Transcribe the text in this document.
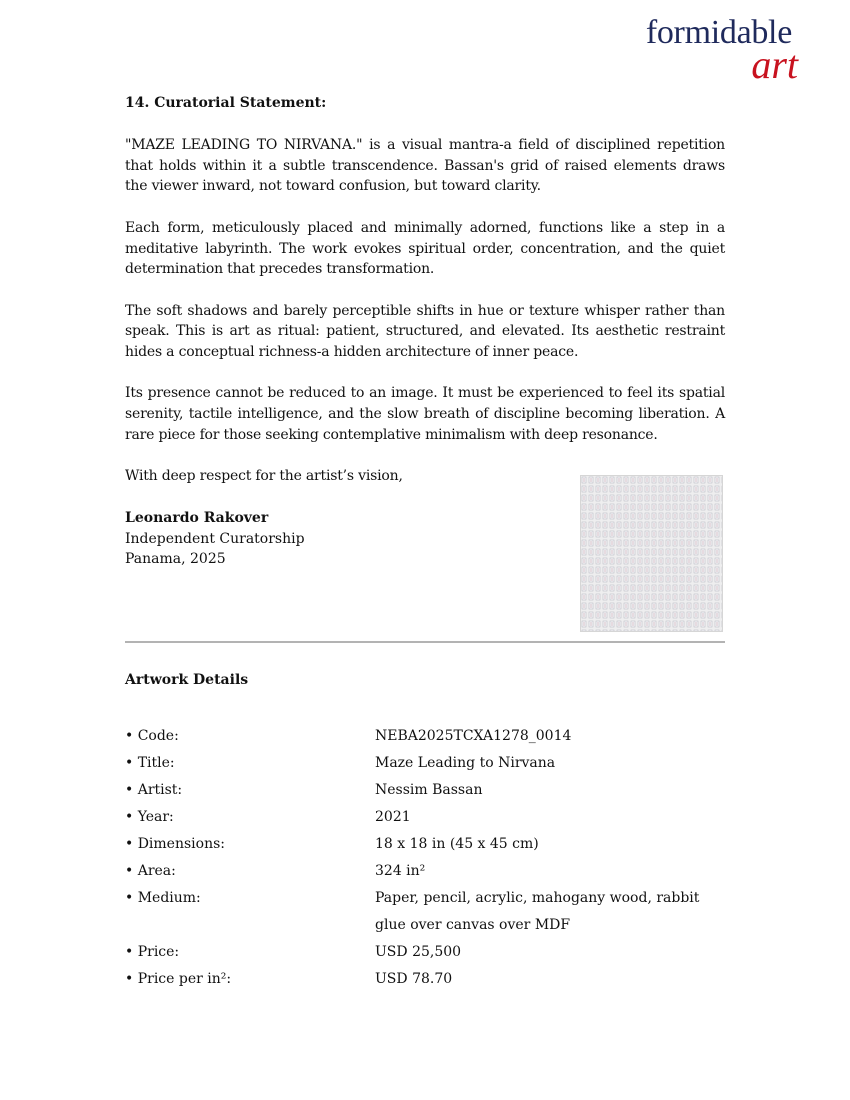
formidable
art
14. Curatorial Statement:

"MAZE LEADING TO NIRVANA." is a visual mantra-a field of disciplined repetition that holds within it a subtle transcendence. Bassan's grid of raised elements draws the viewer inward, not toward confusion, but toward clarity.

Each form, meticulously placed and minimally adorned, functions like a step in a meditative labyrinth. The work evokes spiritual order, concentration, and the quiet determination that precedes transformation.

The soft shadows and barely perceptible shifts in hue or texture whisper rather than speak. This is art as ritual: patient, structured, and elevated. Its aesthetic restraint hides a conceptual richness-a hidden architecture of inner peace.

Its presence cannot be reduced to an image. It must be experienced to feel its spatial serenity, tactile intelligence, and the slow breath of discipline becoming liberation. A rare piece for those seeking contemplative minimalism with deep resonance.

With deep respect for the artist’s vision,
Leonardo Rakover
Independent Curatorship
Panama, 2025
Artwork Details
• Code:	NEBA2025TCXA1278_0014
• Title:	Maze Leading to Nirvana
• Artist:	Nessim Bassan
• Year:	2021
• Dimensions:	18 x 18 in (45 x 45 cm)
• Area:	324 in²
• Medium:	Paper, pencil, acrylic, mahogany wood, rabbit glue over canvas over MDF
• Price:	USD 25,500
• Price per in²:	USD 78.70
